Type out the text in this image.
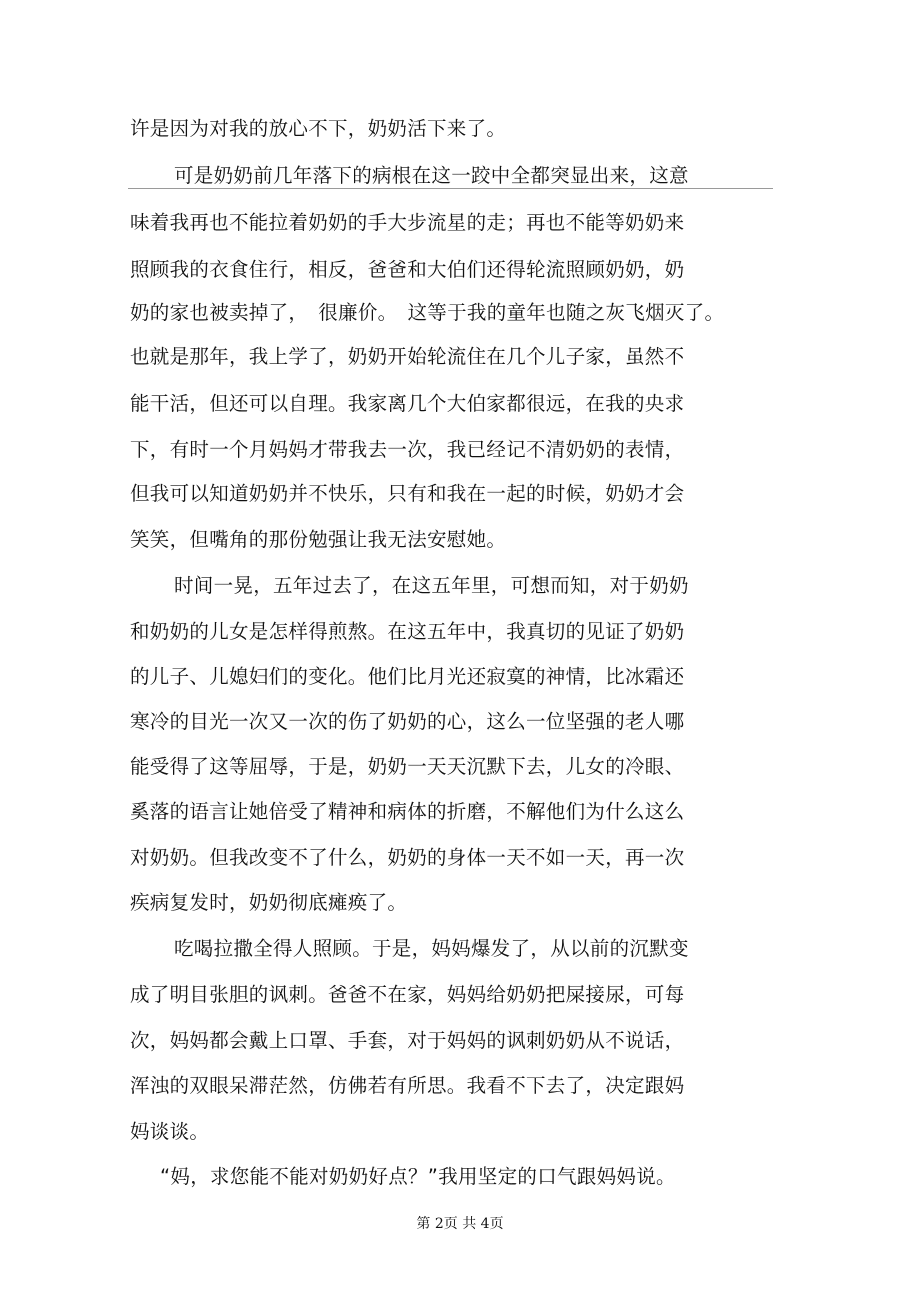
许是因为对我的放心不下，奶奶活下来了。
可是奶奶前几年落下的病根在这一跤中全都突显出来，这意
味着我再也不能拉着奶奶的手大步流星的走；再也不能等奶奶来
照顾我的衣食住行，相反，爸爸和大伯们还得轮流照顾奶奶，奶
奶的家也被卖掉了，　很廉价。　这等于我的童年也随之灰飞烟灭了。
也就是那年，我上学了，奶奶开始轮流住在几个儿子家，虽然不
能干活，但还可以自理。我家离几个大伯家都很远，在我的央求
下，有时一个月妈妈才带我去一次，我已经记不清奶奶的表情，
但我可以知道奶奶并不快乐，只有和我在一起的时候，奶奶才会
笑笑，但嘴角的那份勉强让我无法安慰她。
时间一晃，五年过去了，在这五年里，可想而知，对于奶奶
和奶奶的儿女是怎样得煎熬。在这五年中，我真切的见证了奶奶
的儿子、儿媳妇们的变化。他们比月光还寂寞的神情，比冰霜还
寒冷的目光一次又一次的伤了奶奶的心，这么一位坚强的老人哪
能受得了这等屈辱，于是，奶奶一天天沉默下去，儿女的冷眼、
奚落的语言让她倍受了精神和病体的折磨，不解他们为什么这么
对奶奶。但我改变不了什么，奶奶的身体一天不如一天，再一次
疾病复发时，奶奶彻底瘫痪了。
吃喝拉撒全得人照顾。于是，妈妈爆发了，从以前的沉默变
成了明目张胆的讽刺。爸爸不在家，妈妈给奶奶把屎接尿，可每
次，妈妈都会戴上口罩、手套，对于妈妈的讽刺奶奶从不说话，
浑浊的双眼呆滞茫然，仿佛若有所思。我看不下去了，决定跟妈
妈谈谈。
“妈，求您能不能对奶奶好点？”我用坚定的口气跟妈妈说。
第 2页 共 4页
